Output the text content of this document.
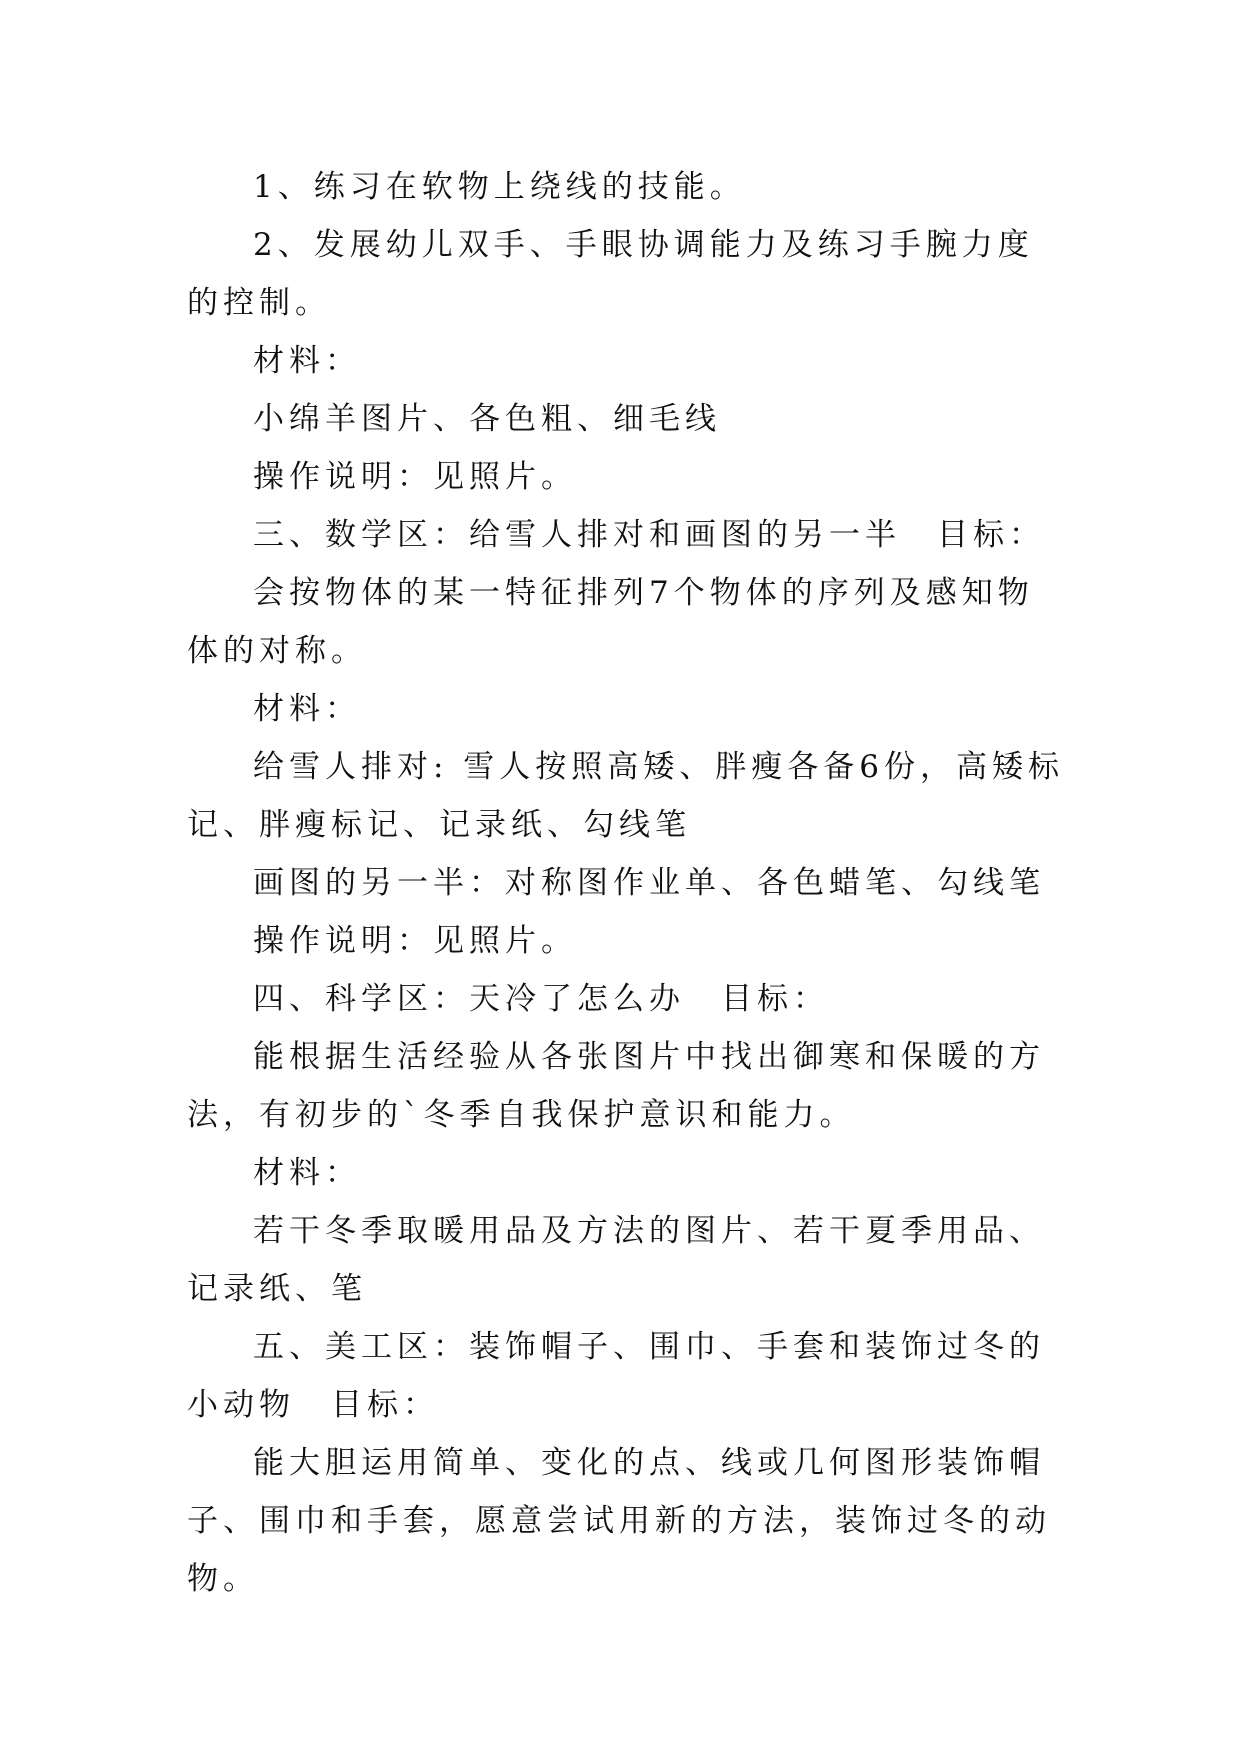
1、练习在软物上绕线的技能。

2、发展幼儿双手、手眼协调能力及练习手腕力度的控制。

材料：

小绵羊图片、各色粗、细毛线

操作说明：见照片。

三、数学区：给雪人排对和画图的另一半　目标：

会按物体的某一特征排列7个物体的序列及感知物体的对称。

材料：

给雪人排对: 雪人按照高矮、胖瘦各备6份，高矮标记、胖瘦标记、记录纸、勾线笔

画图的另一半：对称图作业单、各色蜡笔、勾线笔

操作说明：见照片。

四、科学区：天冷了怎么办　目标：

能根据生活经验从各张图片中找出御寒和保暖的方法，有初步的`冬季自我保护意识和能力。

材料：

若干冬季取暖用品及方法的图片、若干夏季用品、记录纸、笔

五、美工区：装饰帽子、围巾、手套和装饰过冬的小动物　目标：

能大胆运用简单、变化的点、线或几何图形装饰帽子、围巾和手套，愿意尝试用新的方法，装饰过冬的动物。
